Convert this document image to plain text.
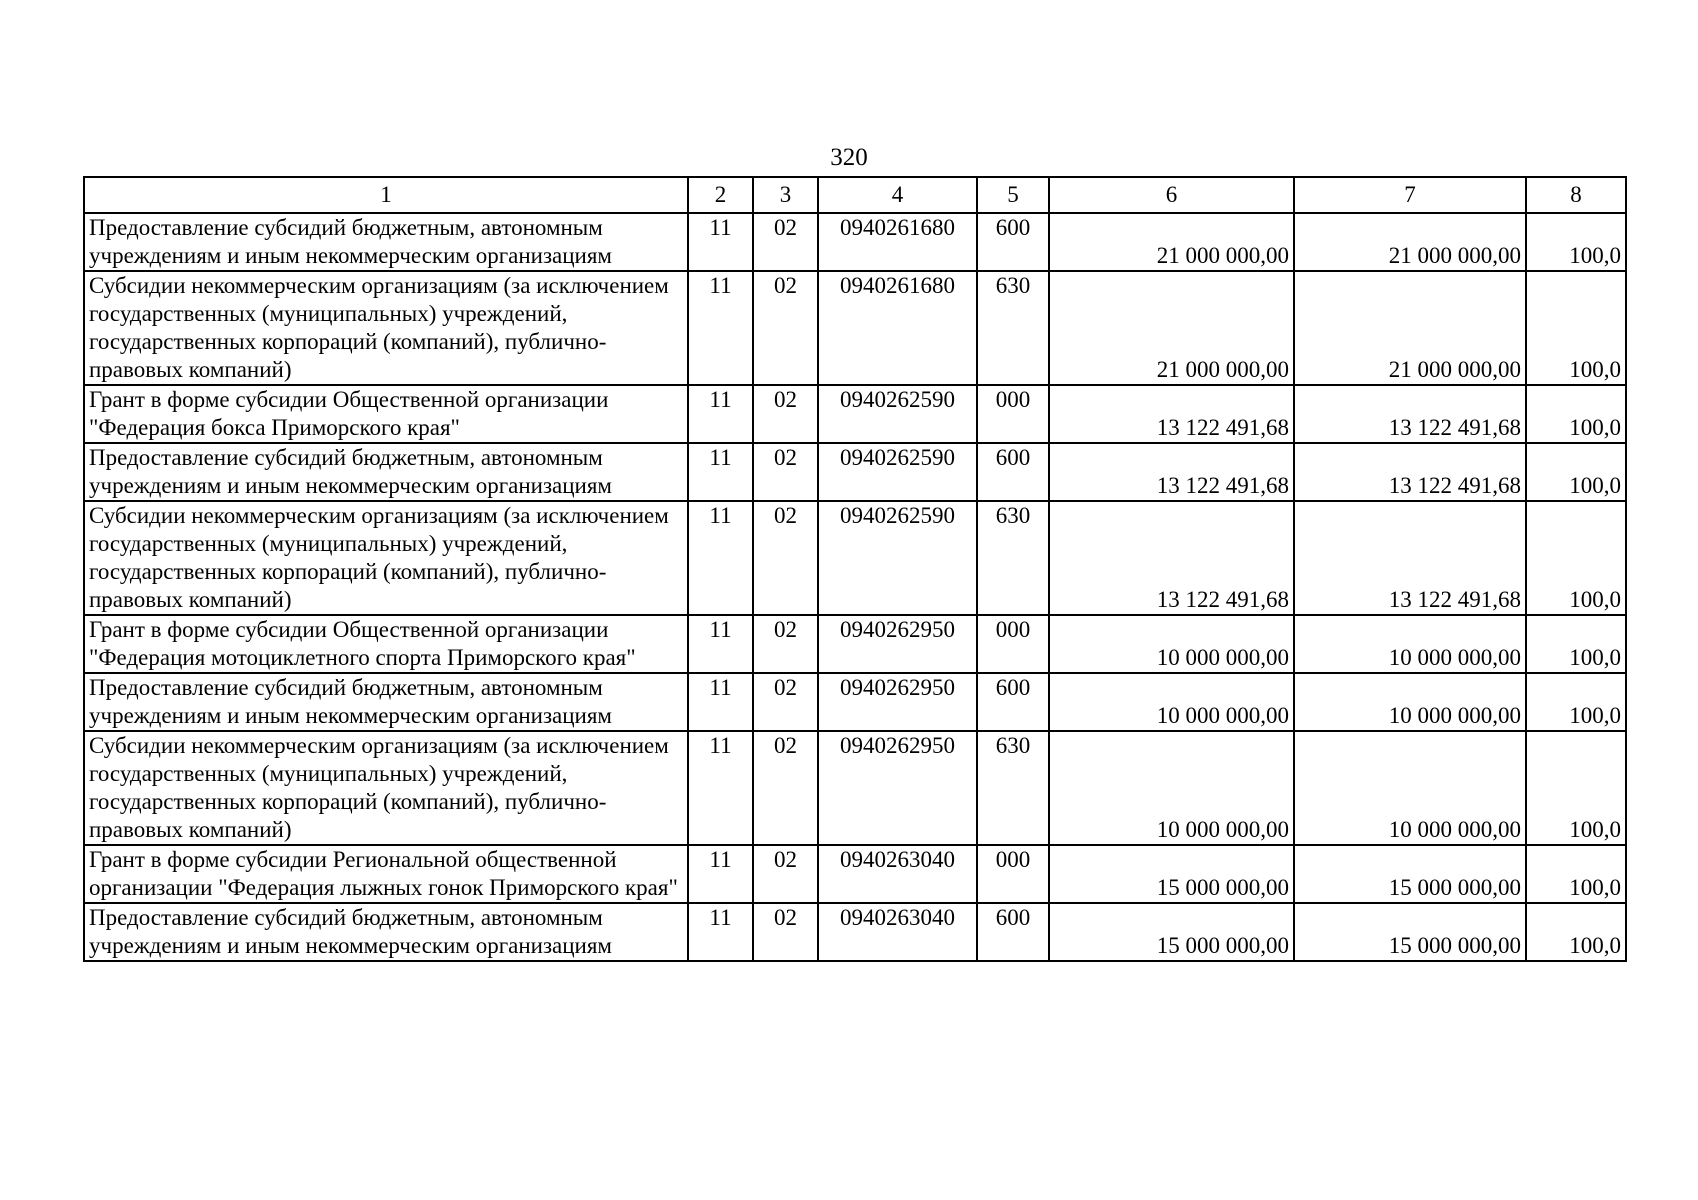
320
1	2	3	4	5	6	7	8
Предоставление субсидий бюджетным, автономным учреждениям и иным некоммерческим организациям	11	02	0940261680	600	21 000 000,00	21 000 000,00	100,0
Субсидии некоммерческим организациям (за исключением государственных (муниципальных) учреждений, государственных корпораций (компаний), публично-правовых компаний)	11	02	0940261680	630	21 000 000,00	21 000 000,00	100,0
Грант в форме субсидии Общественной организации "Федерация бокса Приморского края"	11	02	0940262590	000	13 122 491,68	13 122 491,68	100,0
Предоставление субсидий бюджетным, автономным учреждениям и иным некоммерческим организациям	11	02	0940262590	600	13 122 491,68	13 122 491,68	100,0
Субсидии некоммерческим организациям (за исключением государственных (муниципальных) учреждений, государственных корпораций (компаний), публично-правовых компаний)	11	02	0940262590	630	13 122 491,68	13 122 491,68	100,0
Грант в форме субсидии Общественной организации "Федерация мотоциклетного спорта Приморского края"	11	02	0940262950	000	10 000 000,00	10 000 000,00	100,0
Предоставление субсидий бюджетным, автономным учреждениям и иным некоммерческим организациям	11	02	0940262950	600	10 000 000,00	10 000 000,00	100,0
Субсидии некоммерческим организациям (за исключением государственных (муниципальных) учреждений, государственных корпораций (компаний), публично-правовых компаний)	11	02	0940262950	630	10 000 000,00	10 000 000,00	100,0
Грант в форме субсидии Региональной общественной организации "Федерация лыжных гонок Приморского края"	11	02	0940263040	000	15 000 000,00	15 000 000,00	100,0
Предоставление субсидий бюджетным, автономным учреждениям и иным некоммерческим организациям	11	02	0940263040	600	15 000 000,00	15 000 000,00	100,0
